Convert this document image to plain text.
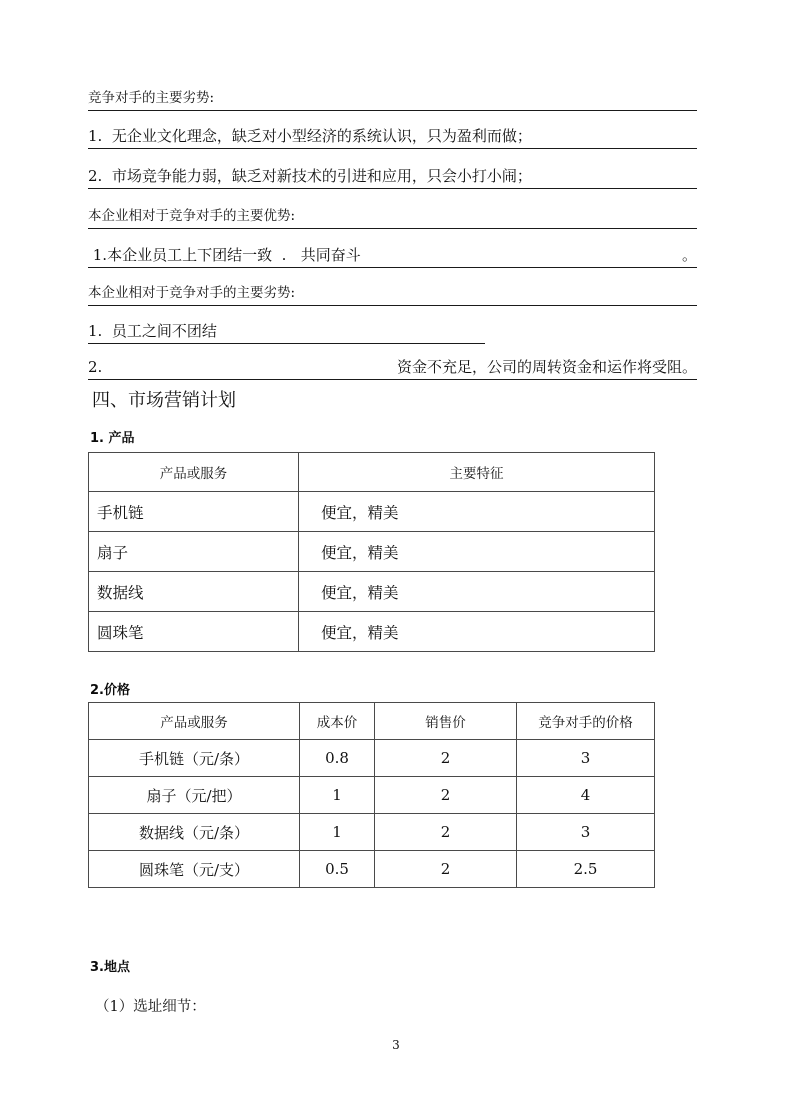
竞争对手的主要劣势:
1.  无企业文化理念，缺乏对小型经济的系统认识，只为盈利而做；
2.  市场竞争能力弱，缺乏对新技术的引进和应用，只会小打小闹；
本企业相对于竞争对手的主要优势:
1.本企业员工上下团结一致  .   共同奋斗	。
本企业相对于竞争对手的主要劣势:
1.  员工之间不团结
2.	资金不充足，公司的周转资金和运作将受阻。
四、市场营销计划
1. 产品
产品或服务	主要特征
手机链	便宜，精美
扇子	便宜，精美
数据线	便宜，精美
圆珠笔	便宜，精美
2.价格
产品或服务	成本价	销售价	竞争对手的价格
手机链（元/条）	0.8	2	3
扇子（元/把）	1	2	4
数据线（元/条）	1	2	3
圆珠笔（元/支）	0.5	2	2.5
3.地点
（1）选址细节：
3
